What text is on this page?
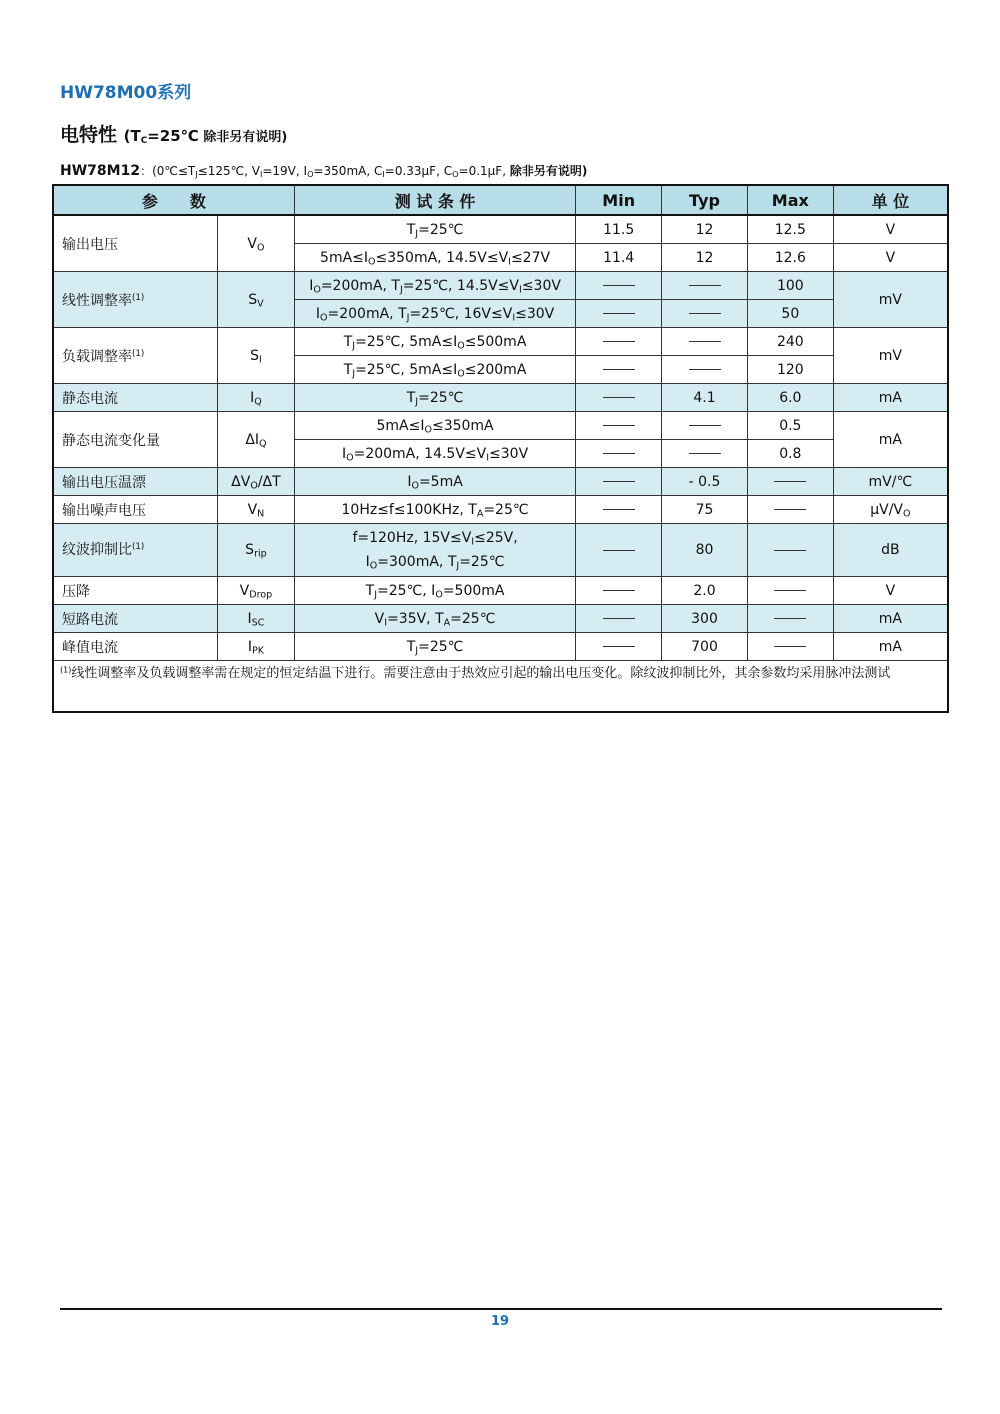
HW78M00系列
电特性 ($T_C=25℃$ 除非另有说明)
HW78M12：($0℃\le T_J\le 125℃$, $V_I=19V$, $I_O=350mA$, $C_I=0.33\mu F$, $C_O=0.1\mu F$, 除非另有说明)
参　　数		测 试 条 件	Min	Typ	Max	单 位
输出电压	$V_O$	$T_J=25℃$	11.5	12	12.5	V
		$5mA\le I_O\le 350mA$, $14.5V\le V_I\le 27V$	11.4	12	12.6	V
线性调整率$^{(1)}$	$S_V$	$I_O=200mA$, $T_J=25℃$, $14.5V\le V_I\le 30V$			100	mV
		$I_O=200mA$, $T_J=25℃$, $16V\le V_I\le 30V$			50	
负载调整率$^{(1)}$	$S_I$	$T_J=25℃$, $5mA\le I_O\le 500mA$			240	mV
		$T_J=25℃$, $5mA\le I_O\le 200mA$			120	
静态电流	$I_Q$	$T_J=25℃$		4.1	6.0	mA
静态电流变化量	$\Delta I_Q$	$5mA\le I_O\le 350mA$			0.5	mA
		$I_O=200mA$, $14.5V\le V_I\le 30V$			0.8	
输出电压温漂	$\Delta V_O/\Delta T$	$I_O=5mA$		- 0.5		mV/℃
输出噪声电压	$V_N$	10Hz≤f≤100KHz, $T_A=25℃$		75		$\mu V/V_O$
纹波抑制比$^{(1)}$	$S_{rip}$	f=120Hz, $15V\le V_I\le 25V$,
$I_O=300mA$, $T_J=25℃$		80		dB
压降	$V_{Drop}$	$T_J=25℃$, $I_O=500mA$		2.0		V
短路电流	$I_{SC}$	$V_I=35V$, $T_A=25℃$		300		mA
峰值电流	$I_{PK}$	$T_J=25℃$		700		mA
$^{(1)}$线性调整率及负载调整率需在规定的恒定结温下进行。需要注意由于热效应引起的输出电压变化。除纹波抑制比外，其余参数均采用脉冲法测试						
19
